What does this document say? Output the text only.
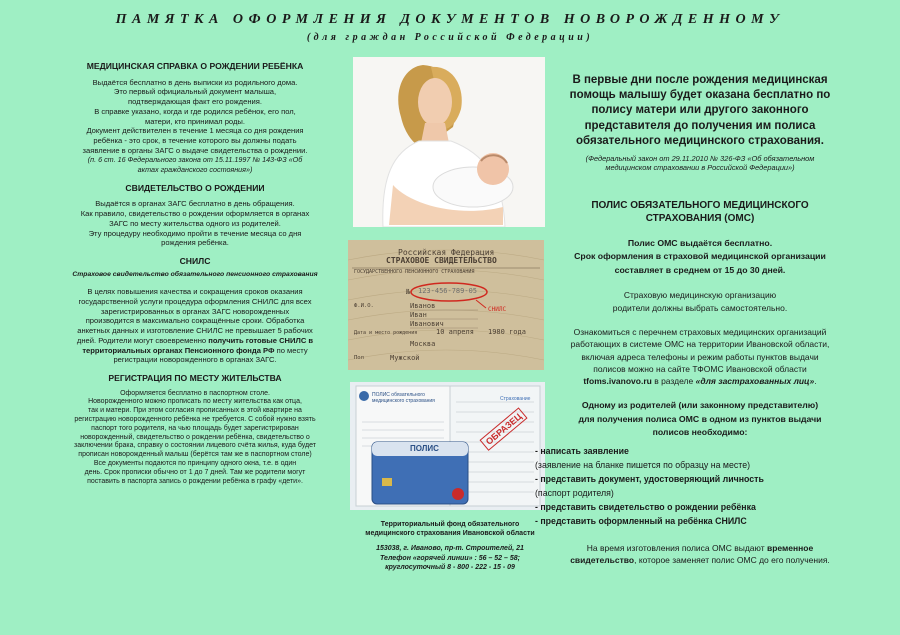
ПАМЯТКА ОФОРМЛЕНИЯ ДОКУМЕНТОВ НОВОРОЖДЕННОМУ
(для граждан Российской Федерации)
МЕДИЦИНСКАЯ СПРАВКА О РОЖДЕНИИ РЕБЁНКА
Выдаётся бесплатно в день выписки из родильного дома.
Это первый официальный документ малыша,
подтверждающая факт его рождения.
В справке указано, когда и где родился ребёнок, его пол,
матери, кто принимал роды.
Документ действителен в течение 1 месяца со дня рождения
ребёнка - это срок, в течение которого вы должны подать
заявление в органы ЗАГС о выдаче свидетельства о рождении.
(п. 6 ст. 16 Федерального закона от 15.11.1997 № 143-ФЗ «Об
актах гражданского состояния»)
СВИДЕТЕЛЬСТВО О РОЖДЕНИИ
Выдаётся в органах ЗАГС бесплатно в день обращения.
Как правило, свидетельство о рождении оформляется в органах
ЗАГС по месту жительства одного из родителей.
Эту процедуру необходимо пройти в течение месяца со дня
рождения ребёнка.
СНИЛС
Страховое свидетельство обязательного пенсионного страхования
В целях повышения качества и сокращения сроков оказания
государственной услуги процедура оформления СНИЛС для всех
зарегистрированных в органах ЗАГС новорожденных
производится в максимально сокращённые сроки. Обработка
анкетных данных и изготовление СНИЛС не превышает 5 рабочих
дней. Родители могут своевременно получить готовые СНИЛС в
территориальных органах Пенсионного фонда РФ по месту
регистрации новорожденного в органах ЗАГС.
РЕГИСТРАЦИЯ ПО МЕСТУ ЖИТЕЛЬСТВА
Оформляется бесплатно в паспортном столе.
Новорожденного можно прописать по месту жительства как отца,
так и матери. При этом согласия прописанных в этой квартире на
регистрацию новорожденного ребёнка не требуется. С собой нужно взять
паспорт того родителя, на чью площадь будет зарегистрирован
новорожденный, свидетельство о рождении ребёнка, свидетельство о
заключении брака, справку о состоянии лицевого счёта жилья, куда будет
прописан новорожденный малыш (берётся там же в паспортном столе)
Все документы подаются по принципу одного окна, т.е. в один
день. Срок прописки обычно от 1 до 7 дней. Там же родители могут
поставить в паспорта запись о рождении ребёнка в графу «дети».
Российская Федерация
СТРАХОВОЕ СВИДЕТЕЛЬСТВО
ГОСУДАРСТВЕННОГО ПЕНСИОННОГО СТРАХОВАНИЯ
№ 123-456-789-05
СНИЛС
Ф.И.О.	Иванов
Иван
Иванович
Дата и место рождения	10 апреля 1980 года
Москва
Пол	Мужской
ПОЛИС обязательного медицинского страхования
ПОЛИС
ОБРАЗЕЦ
Страхование
Территориальный фонд обязательного
медицинского страхования Ивановской области
153038, г. Иваново, пр-т. Строителей, 21
Телефон «горячей линии» : 56 – 52 – 58;
круглосуточный 8 - 800 - 222 - 15 - 09
В первые дни после рождения медицинская
помощь малышу будет оказана бесплатно по
полису матери или другого законного
представителя до получения им полиса
обязательного медицинского страхования.
(Федеральный закон от 29.11.2010 № 326-ФЗ «Об обязательном
медицинском страховании в Российской Федерации»)
ПОЛИС ОБЯЗАТЕЛЬНОГО МЕДИЦИНСКОГО
СТРАХОВАНИЯ (ОМС)
Полис ОМС выдаётся бесплатно.
Срок оформления в страховой медицинской организации
составляет в среднем от 15 до 30 дней.
Страховую медицинскую организацию
родители должны выбрать самостоятельно.
Ознакомиться с перечнем страховых медицинских организаций
работающих в системе ОМС на территории Ивановской области,
включая адреса телефоны и режим работы пунктов выдачи
полисов можно на сайте ТФОМС Ивановской области
tfoms.ivanovo.ru в разделе «для застрахованных лиц».
Одному из родителей (или законному представителю)
для получения полиса ОМС в одном из пунктов выдачи
полисов необходимо:
- написать заявление
(заявление на бланке пишется по образцу на месте)
- представить документ, удостоверяющий личность
(паспорт родителя)
- представить свидетельство о рождении ребёнка
- представить оформленный на ребёнка СНИЛС
На время изготовления полиса ОМС выдают временное
свидетельство, которое заменяет полис ОМС до его получения.
